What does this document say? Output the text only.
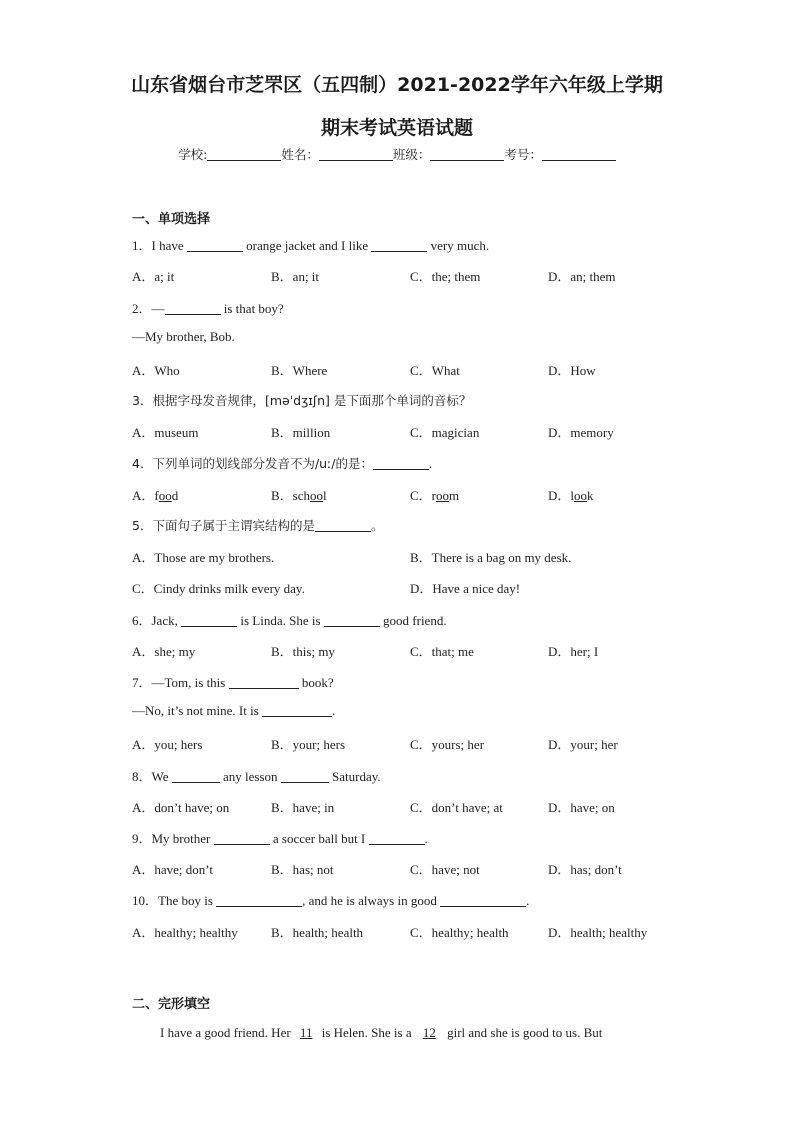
山东省烟台市芝罘区（五四制）2021-2022学年六年级上学期
期末考试英语试题
学校:	姓名：	班级：	考号：
一、单项选择
1．I have	orange jacket and I like	very much.
A．a; it	B．an; it	C．the; them	D．an; them
2．—	is that boy?
—My brother, Bob.
A．Who	B．Where	C．What	D．How
3．根据字母发音规律，[məˈdʒɪʃn] 是下面那个单词的音标？
A．museum	B．million	C．magician	D．memory
4．下列单词的划线部分发音不为/uː/的是：	.
A．food	B．school	C．room	D．look
5．下面句子属于主谓宾结构的是	。
A．Those are my brothers.	B．There is a bag on my desk.
C．Cindy drinks milk every day.	D．Have a nice day!
6．Jack,	is Linda. She is	good friend.
A．she; my	B．this; my	C．that; me	D．her; I
7．—Tom, is this	book?
—No, it’s not mine. It is	.
A．you; hers	B．your; hers	C．yours; her	D．your; her
8．We	any lesson	Saturday.
A．don’t have; on	B．have; in	C．don’t have; at	D．have; on
9．My brother	a soccer ball but I	.
A．have; don’t	B．has; not	C．have; not	D．has; don’t
10．The boy is	, and he is always in good	.
A．healthy; healthy	B．health; health	C．healthy; health	D．health; healthy
二、完形填空
I have a good friend. Her 11 is Helen. She is a 12 girl and she is good to us. But
